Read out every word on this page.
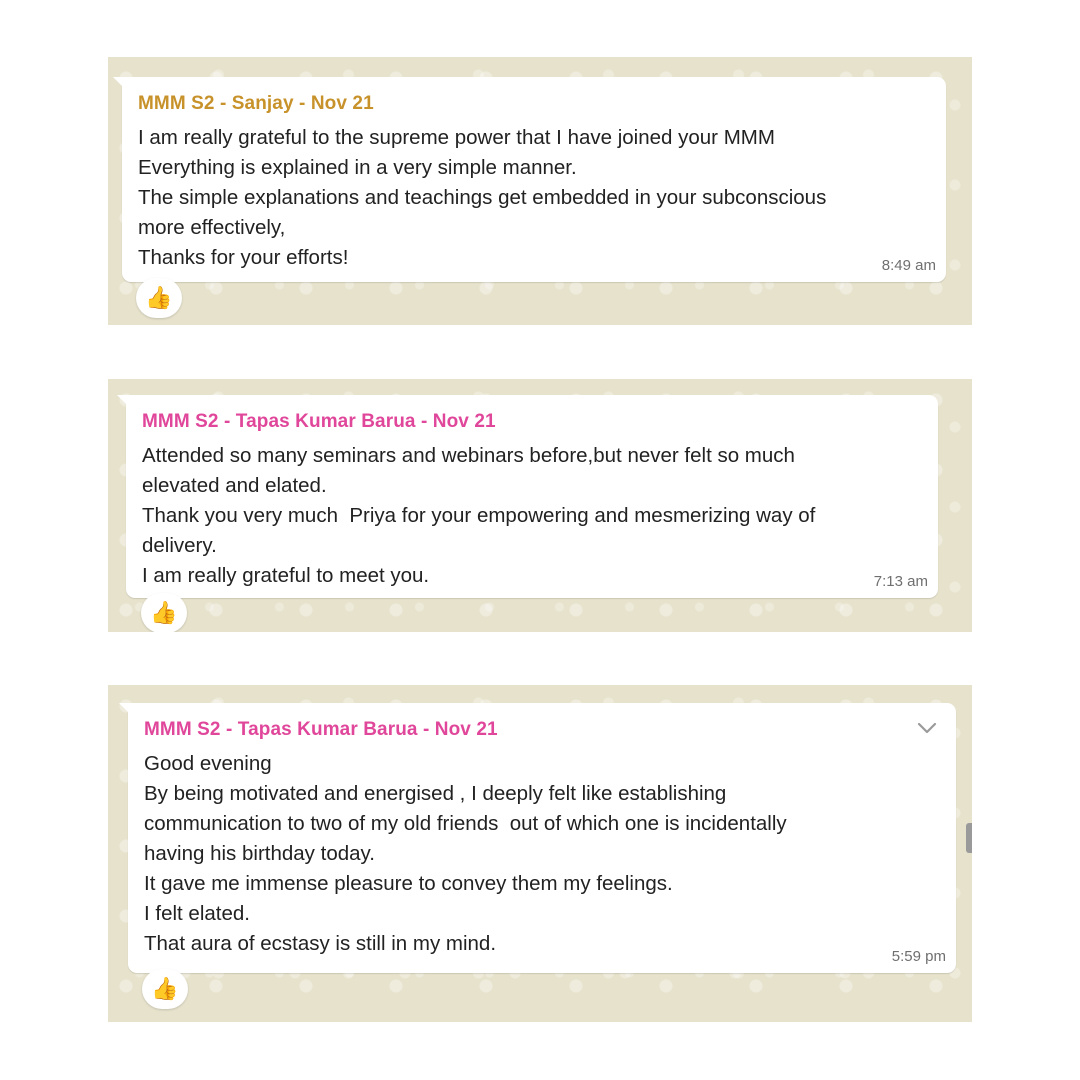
MMM S2 - Sanjay - Nov 21
I am really grateful to the supreme power that I have joined your MMM
Everything is explained in a very simple manner.
The simple explanations and teachings get embedded in your subconscious
more effectively,
Thanks for your efforts!	8:49 am
👍
MMM S2 - Tapas Kumar Barua - Nov 21
Attended so many seminars and webinars before,but never felt so much
elevated and elated.
Thank you very much  Priya for your empowering and mesmerizing way of
delivery.
I am really grateful to meet you.	7:13 am
👍
MMM S2 - Tapas Kumar Barua - Nov 21
Good evening
By being motivated and energised , I deeply felt like establishing
communication to two of my old friends  out of which one is incidentally
having his birthday today.
It gave me immense pleasure to convey them my feelings.
I felt elated.
That aura of ecstasy is still in my mind.
5:59 pm
👍
